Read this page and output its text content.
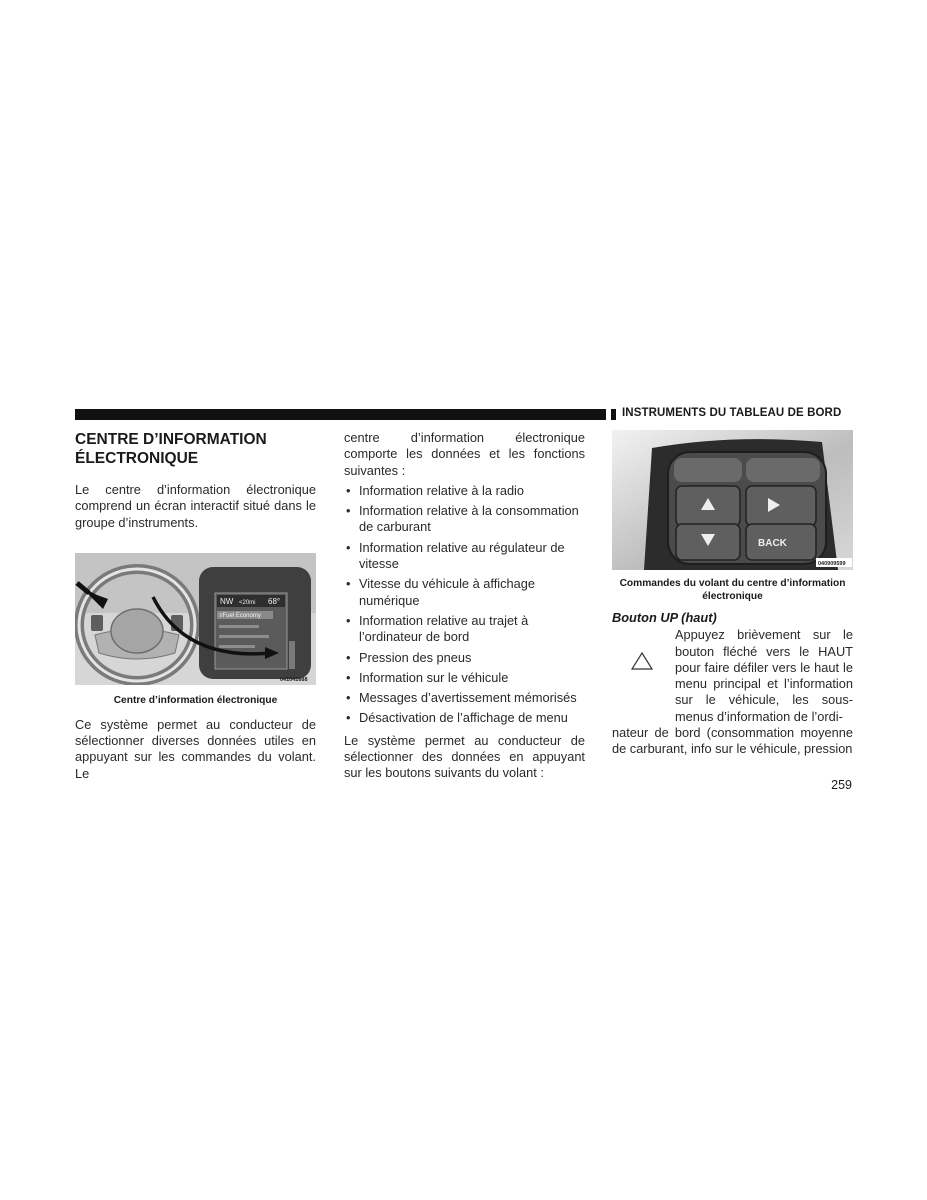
INSTRUMENTS DU TABLEAU DE BORD
CENTRE D’INFORMATION ÉLECTRONIQUE

Le centre d’information électronique comprend un écran interactif situé dans le groupe d’instruments.

NW <20mi 68°
≡Fuel Economy
041041688
Centre d’information électronique

Ce système permet au conducteur de sélectionner diverses données utiles en appuyant sur les commandes du volant. Le

centre d’information électronique comporte les données et les fonctions suivantes :

• Information relative à la radio
• Information relative à la consommation de carburant
• Information relative au régulateur de vitesse
• Vitesse du véhicule à affichage numérique
• Information relative au trajet à l’ordinateur de bord
• Pression des pneus
• Information sur le véhicule
• Messages d’avertissement mémorisés
• Désactivation de l’affichage de menu

Le système permet au conducteur de sélectionner des données en appuyant sur les boutons suivants du volant :

BACK
040909599
Commandes du volant du centre d’information électronique
Bouton UP (haut)

Appuyez brièvement sur le bouton fléché vers le HAUT pour faire défiler vers le haut le menu principal et l’information sur le véhicule, les sous-menus d’information de l’ordi-

nateur de bord (consommation moyenne de carburant, info sur le véhicule, pression

259
